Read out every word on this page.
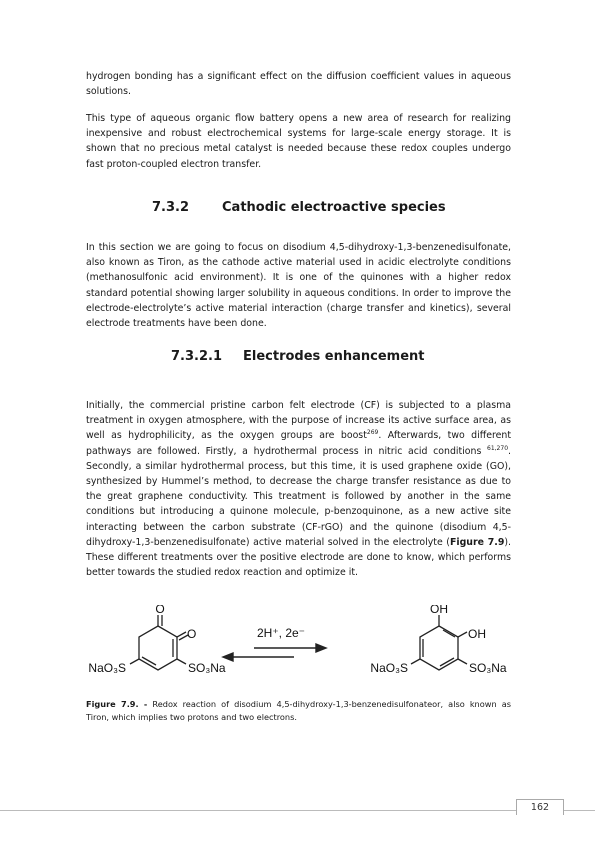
hydrogen bonding has a significant effect on the diffusion coefficient values in aqueous solutions.

This type of aqueous organic flow battery opens a new area of research for realizing inexpensive and robust electrochemical systems for large-scale energy storage. It is shown that no precious metal catalyst is needed because these redox couples undergo fast proton-coupled electron transfer.

7.3.2	Cathodic electroactive species

In this section we are going to focus on disodium 4,5-dihydroxy-1,3-benzenedisulfonate, also known as Tiron, as the cathode active material used in acidic electrolyte conditions (methanosulfonic acid environment). It is one of the quinones with a higher redox standard potential showing larger solubility in aqueous conditions. In order to improve the electrode-electrolyte’s active material interaction (charge transfer and kinetics), several electrode treatments have been done.

7.3.2.1 Electrodes enhancement

Initially, the commercial pristine carbon felt electrode (CF) is subjected to a plasma treatment in oxygen atmosphere, with the purpose of increase its active surface area, as well as hydrophilicity, as the oxygen groups are boost$^{269}$. Afterwards, two different pathways are followed. Firstly, a hydrothermal process in nitric acid conditions $^{61,270}$. Secondly, a similar hydrothermal process, but this time, it is used graphene oxide (GO), synthesized by Hummel’s method, to decrease the charge transfer resistance as due to the great graphene conductivity. This treatment is followed by another in the same conditions but introducing a quinone molecule, p-benzoquinone, as a new active site interacting between the carbon substrate (CF-rGO) and the quinone (disodium 4,5-dihydroxy-1,3-benzenedisulfonate) active material solved in the electrolyte (Figure 7.9). These different treatments over the positive electrode are done to know, which performs better towards the studied redox reaction and optimize it.

2H⁺, 2e⁻
O
O
NaO₃S	SO₃Na
OH
OH
NaO₃S	SO₃Na

Figure 7.9. - Redox reaction of disodium 4,5-dihydroxy-1,3-benzenedisulfonateor, also known as Tiron, which implies two protons and two electrons.

162
